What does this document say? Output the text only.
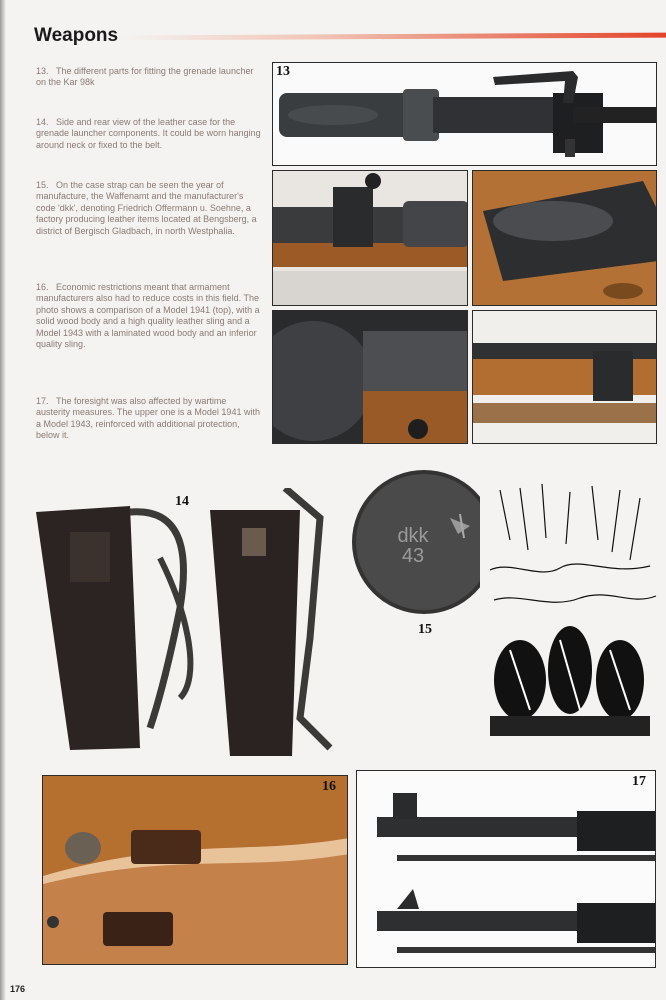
Weapons
13. The different parts for fitting the grenade launcher on the Kar 98k
14. Side and rear view of the leather case for the grenade launcher components. It could be worn hanging around neck or fixed to the belt.
15. On the case strap can be seen the year of manufacture, the Waffenamt and the manufacturer's code 'dkk', denoting Friedrich Offermann u. Soehne, a factory producing leather items located at Bengsberg, a district of Bergisch Gladbach, in north Westphalia.
16. Economic restrictions meant that armament manufacturers also had to reduce costs in this field. The photo shows a comparison of a Model 1941 (top), with a solid wood body and a high quality leather sling and a Model 1943 with a laminated wood body and an inferior quality sling.
17. The foresight was also affected by wartime austerity measures. The upper one is a Model 1941 with a Model 1943, reinforced with additional protection, below it.
13
14
dkk
43
15
16	17
176
